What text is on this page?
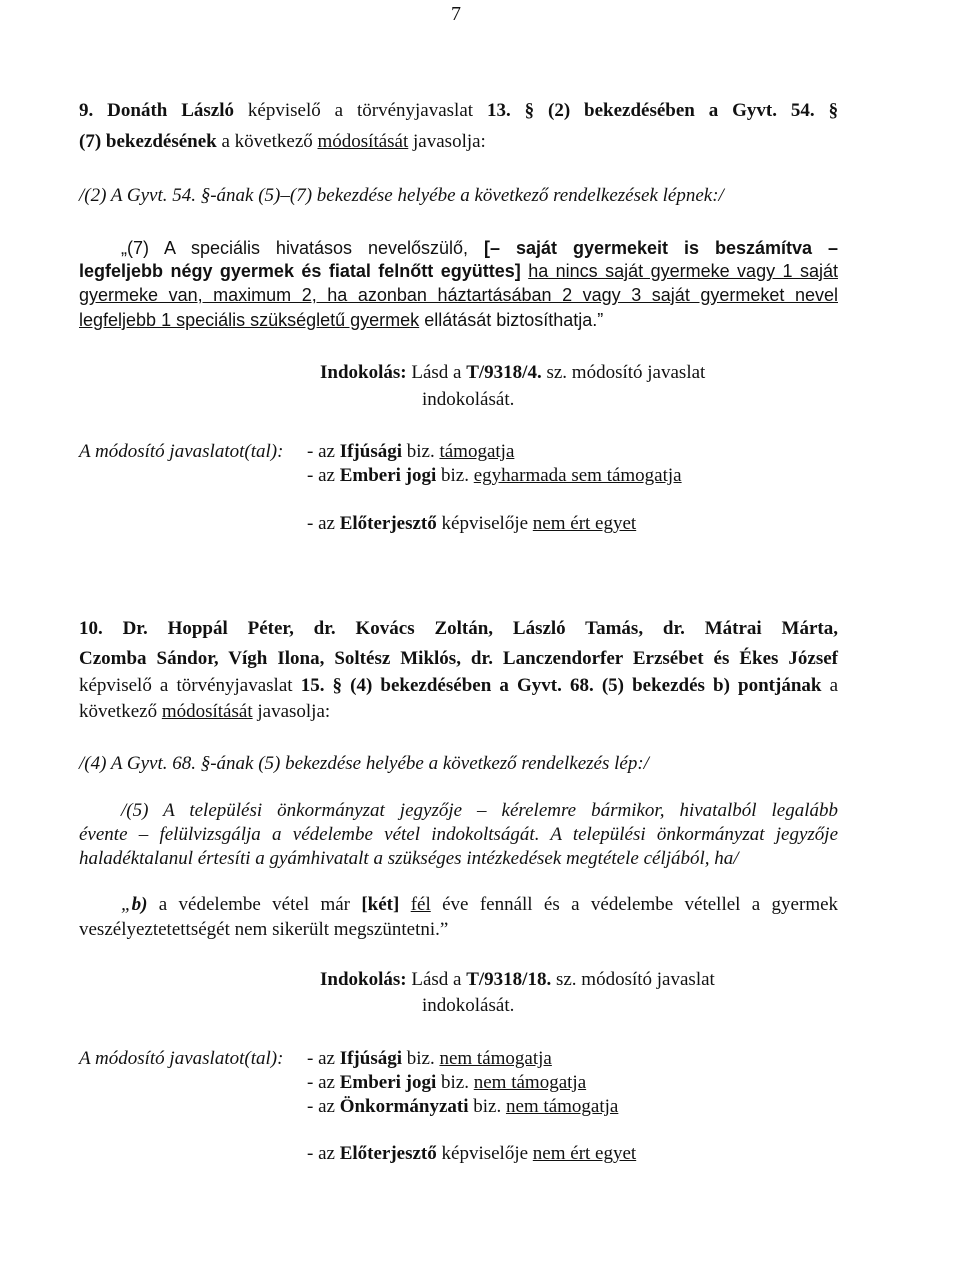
7
9. Donáth László képviselő a törvényjavaslat 13. § (2) bekezdésében a Gyvt. 54. §
(7) bekezdésének a következő módosítását javasolja:
/(2) A Gyvt. 54. §-ának (5)–(7) bekezdése helyébe a következő rendelkezések lépnek:/
„(7) A speciális hivatásos nevelőszülő, [– saját gyermekeit is beszámítva –
legfeljebb négy gyermek és fiatal felnőtt együttes] ha nincs saját gyermeke vagy 1 saját
gyermeke van, maximum 2, ha azonban háztartásában 2 vagy 3 saját gyermeket nevel
legfeljebb 1 speciális szükségletű gyermek ellátását biztosíthatja.”
Indokolás: Lásd a T/9318/4. sz. módosító javaslat
indokolását.
A módosító javaslatot(tal): - az Ifjúsági biz. támogatja
- az Emberi jogi biz. egyharmada sem támogatja
- az Előterjesztő képviselője nem ért egyet
10. Dr. Hoppál Péter, dr. Kovács Zoltán, László Tamás, dr. Mátrai Márta,
Czomba Sándor, Vígh Ilona, Soltész Miklós, dr. Lanczendorfer Erzsébet és Ékes József
képviselő a törvényjavaslat 15. § (4) bekezdésében a Gyvt. 68. (5) bekezdés b) pontjának a
következő módosítását javasolja:
/(4) A Gyvt. 68. §-ának (5) bekezdése helyébe a következő rendelkezés lép:/
/(5) A települési önkormányzat jegyzője – kérelemre bármikor, hivatalból legalább
évente – felülvizsgálja a védelembe vétel indokoltságát. A települési önkormányzat jegyzője
haladéktalanul értesíti a gyámhivatalt a szükséges intézkedések megtétele céljából, ha/
„b) a védelembe vétel már [két] fél éve fennáll és a védelembe vétellel a gyermek
veszélyeztetettségét nem sikerült megszüntetni.”
Indokolás: Lásd a T/9318/18. sz. módosító javaslat
indokolását.
A módosító javaslatot(tal): - az Ifjúsági biz. nem támogatja
- az Emberi jogi biz. nem támogatja
- az Önkormányzati biz. nem támogatja
- az Előterjesztő képviselője nem ért egyet
